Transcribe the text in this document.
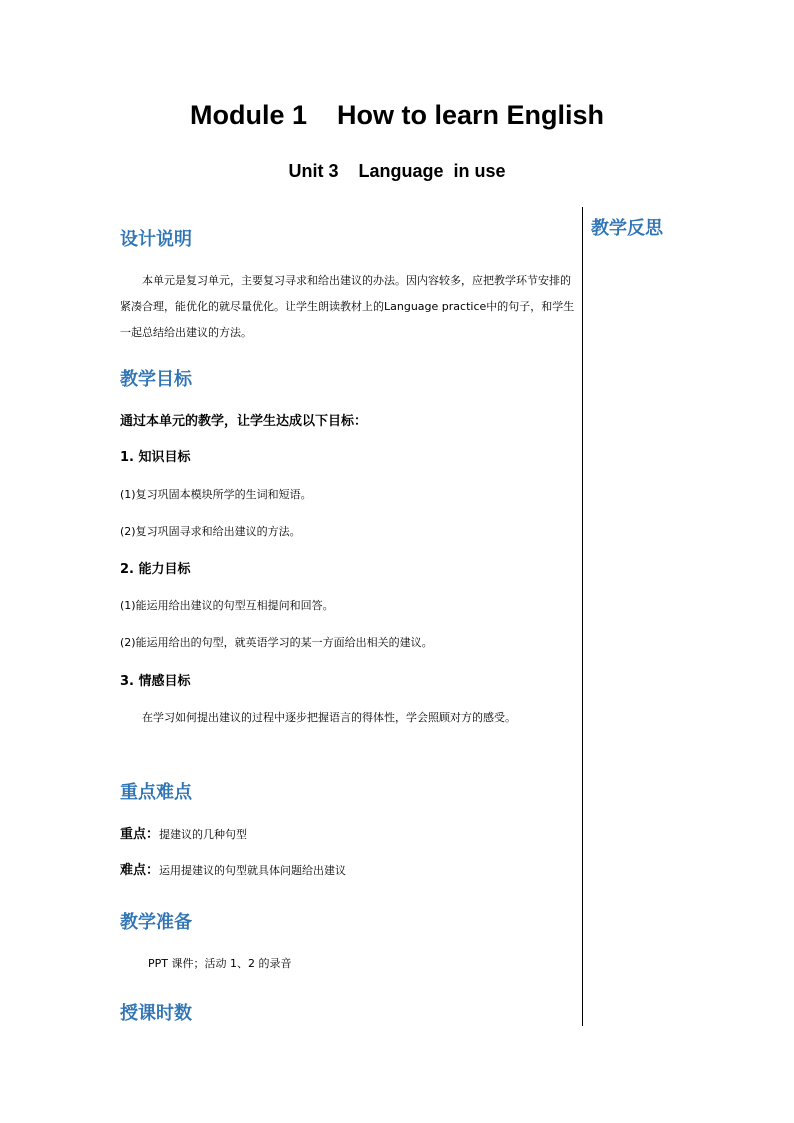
Module 1    How to learn English
Unit 3    Language  in use
教学反思
设计说明
本单元是复习单元，主要复习寻求和给出建议的办法。因内容较多，应把教学环节安排的紧凑合理，能优化的就尽量优化。让学生朗读教材上的Language practice中的句子，和学生一起总结给出建议的方法。
教学目标
通过本单元的教学，让学生达成以下目标：
1. 知识目标
(1)复习巩固本模块所学的生词和短语。
(2)复习巩固寻求和给出建议的方法。
2. 能力目标
(1)能运用给出建议的句型互相提问和回答。
(2)能运用给出的句型，就英语学习的某一方面给出相关的建议。
3. 情感目标
在学习如何提出建议的过程中逐步把握语言的得体性，学会照顾对方的感受。
重点难点
重点：提建议的几种句型
难点：运用提建议的句型就具体问题给出建议
教学准备
PPT 课件；活动 1、2 的录音
授课时数
